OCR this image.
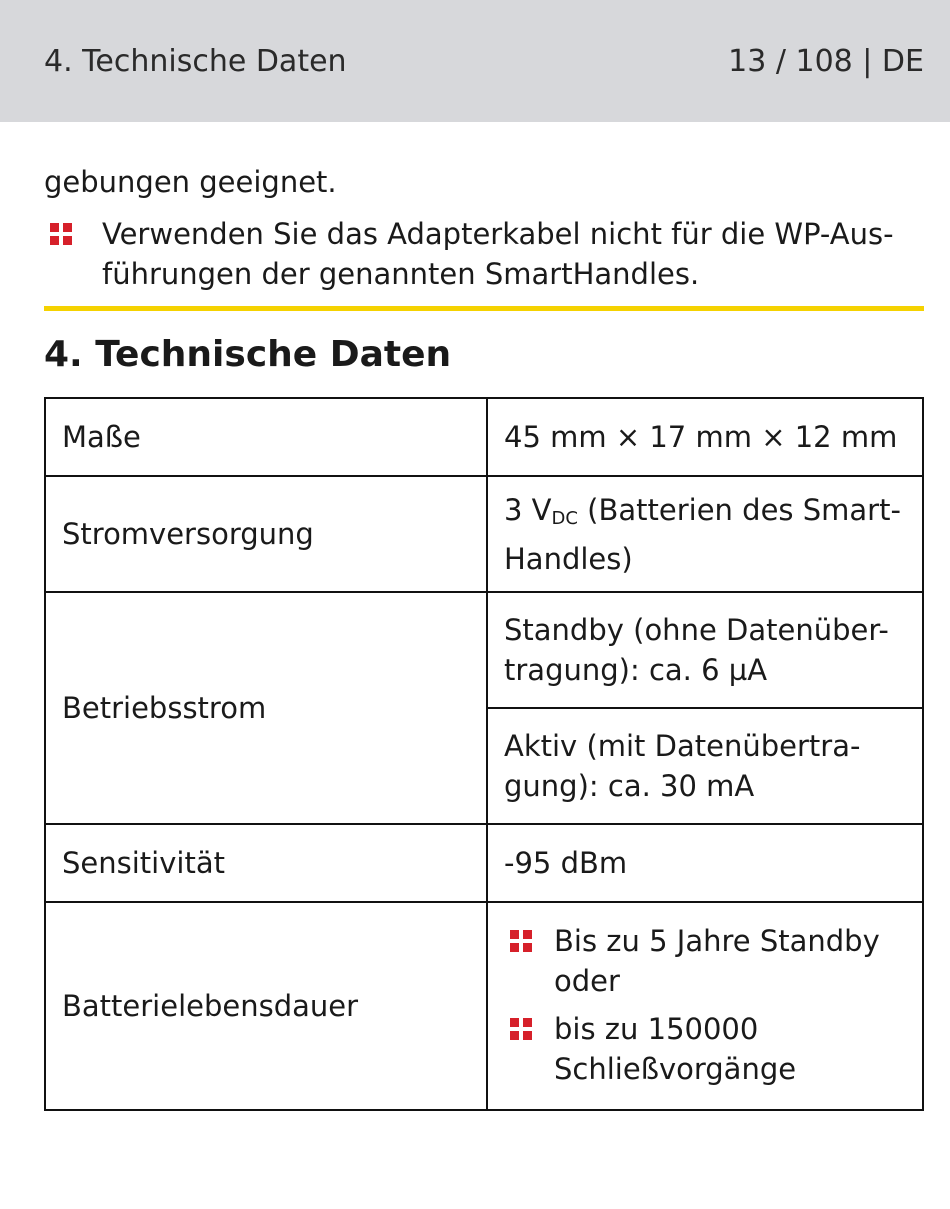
4. Technische Daten	13 / 108 | DE

gebungen geeignet.

Verwenden Sie das Adapterkabel nicht für die WP-Aus-
führungen der genannten SmartHandles.
4. Technische Daten
Maße	45 mm × 17 mm × 12 mm
Stromversorgung	3 $V_{DC}$ (Batterien des Smart-
Handles)

Betriebsstrom	Standby (ohne Datenüber-
tragung): ca. 6 µA

	Aktiv (mit Datenübertra-
gung): ca. 30 mA

Sensitivität	-95 dBm
Batterielebensdauer	Bis zu 5 Jahre Standby
oder
bis zu 150000
Schließvorgänge
